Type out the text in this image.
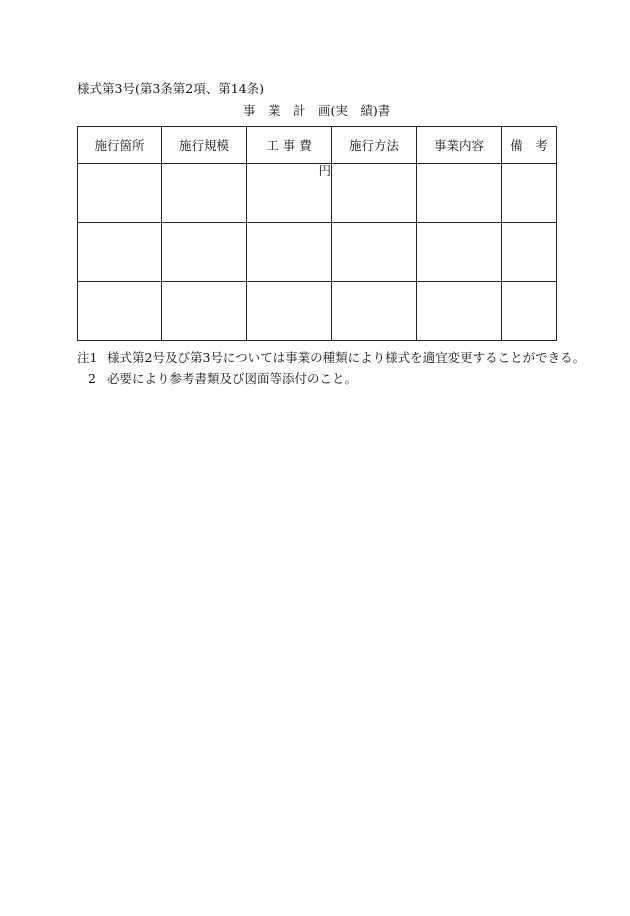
様式第3号(第3条第2項、第14条)
事　業　計　画(実　績)書
施行箇所	施行規模	工 事 費	施行方法	事業内容	備　考
		円			

注1 様式第2号及び第3号については事業の種類により様式を適宜変更することができる。
2 必要により参考書類及び図面等添付のこと。
